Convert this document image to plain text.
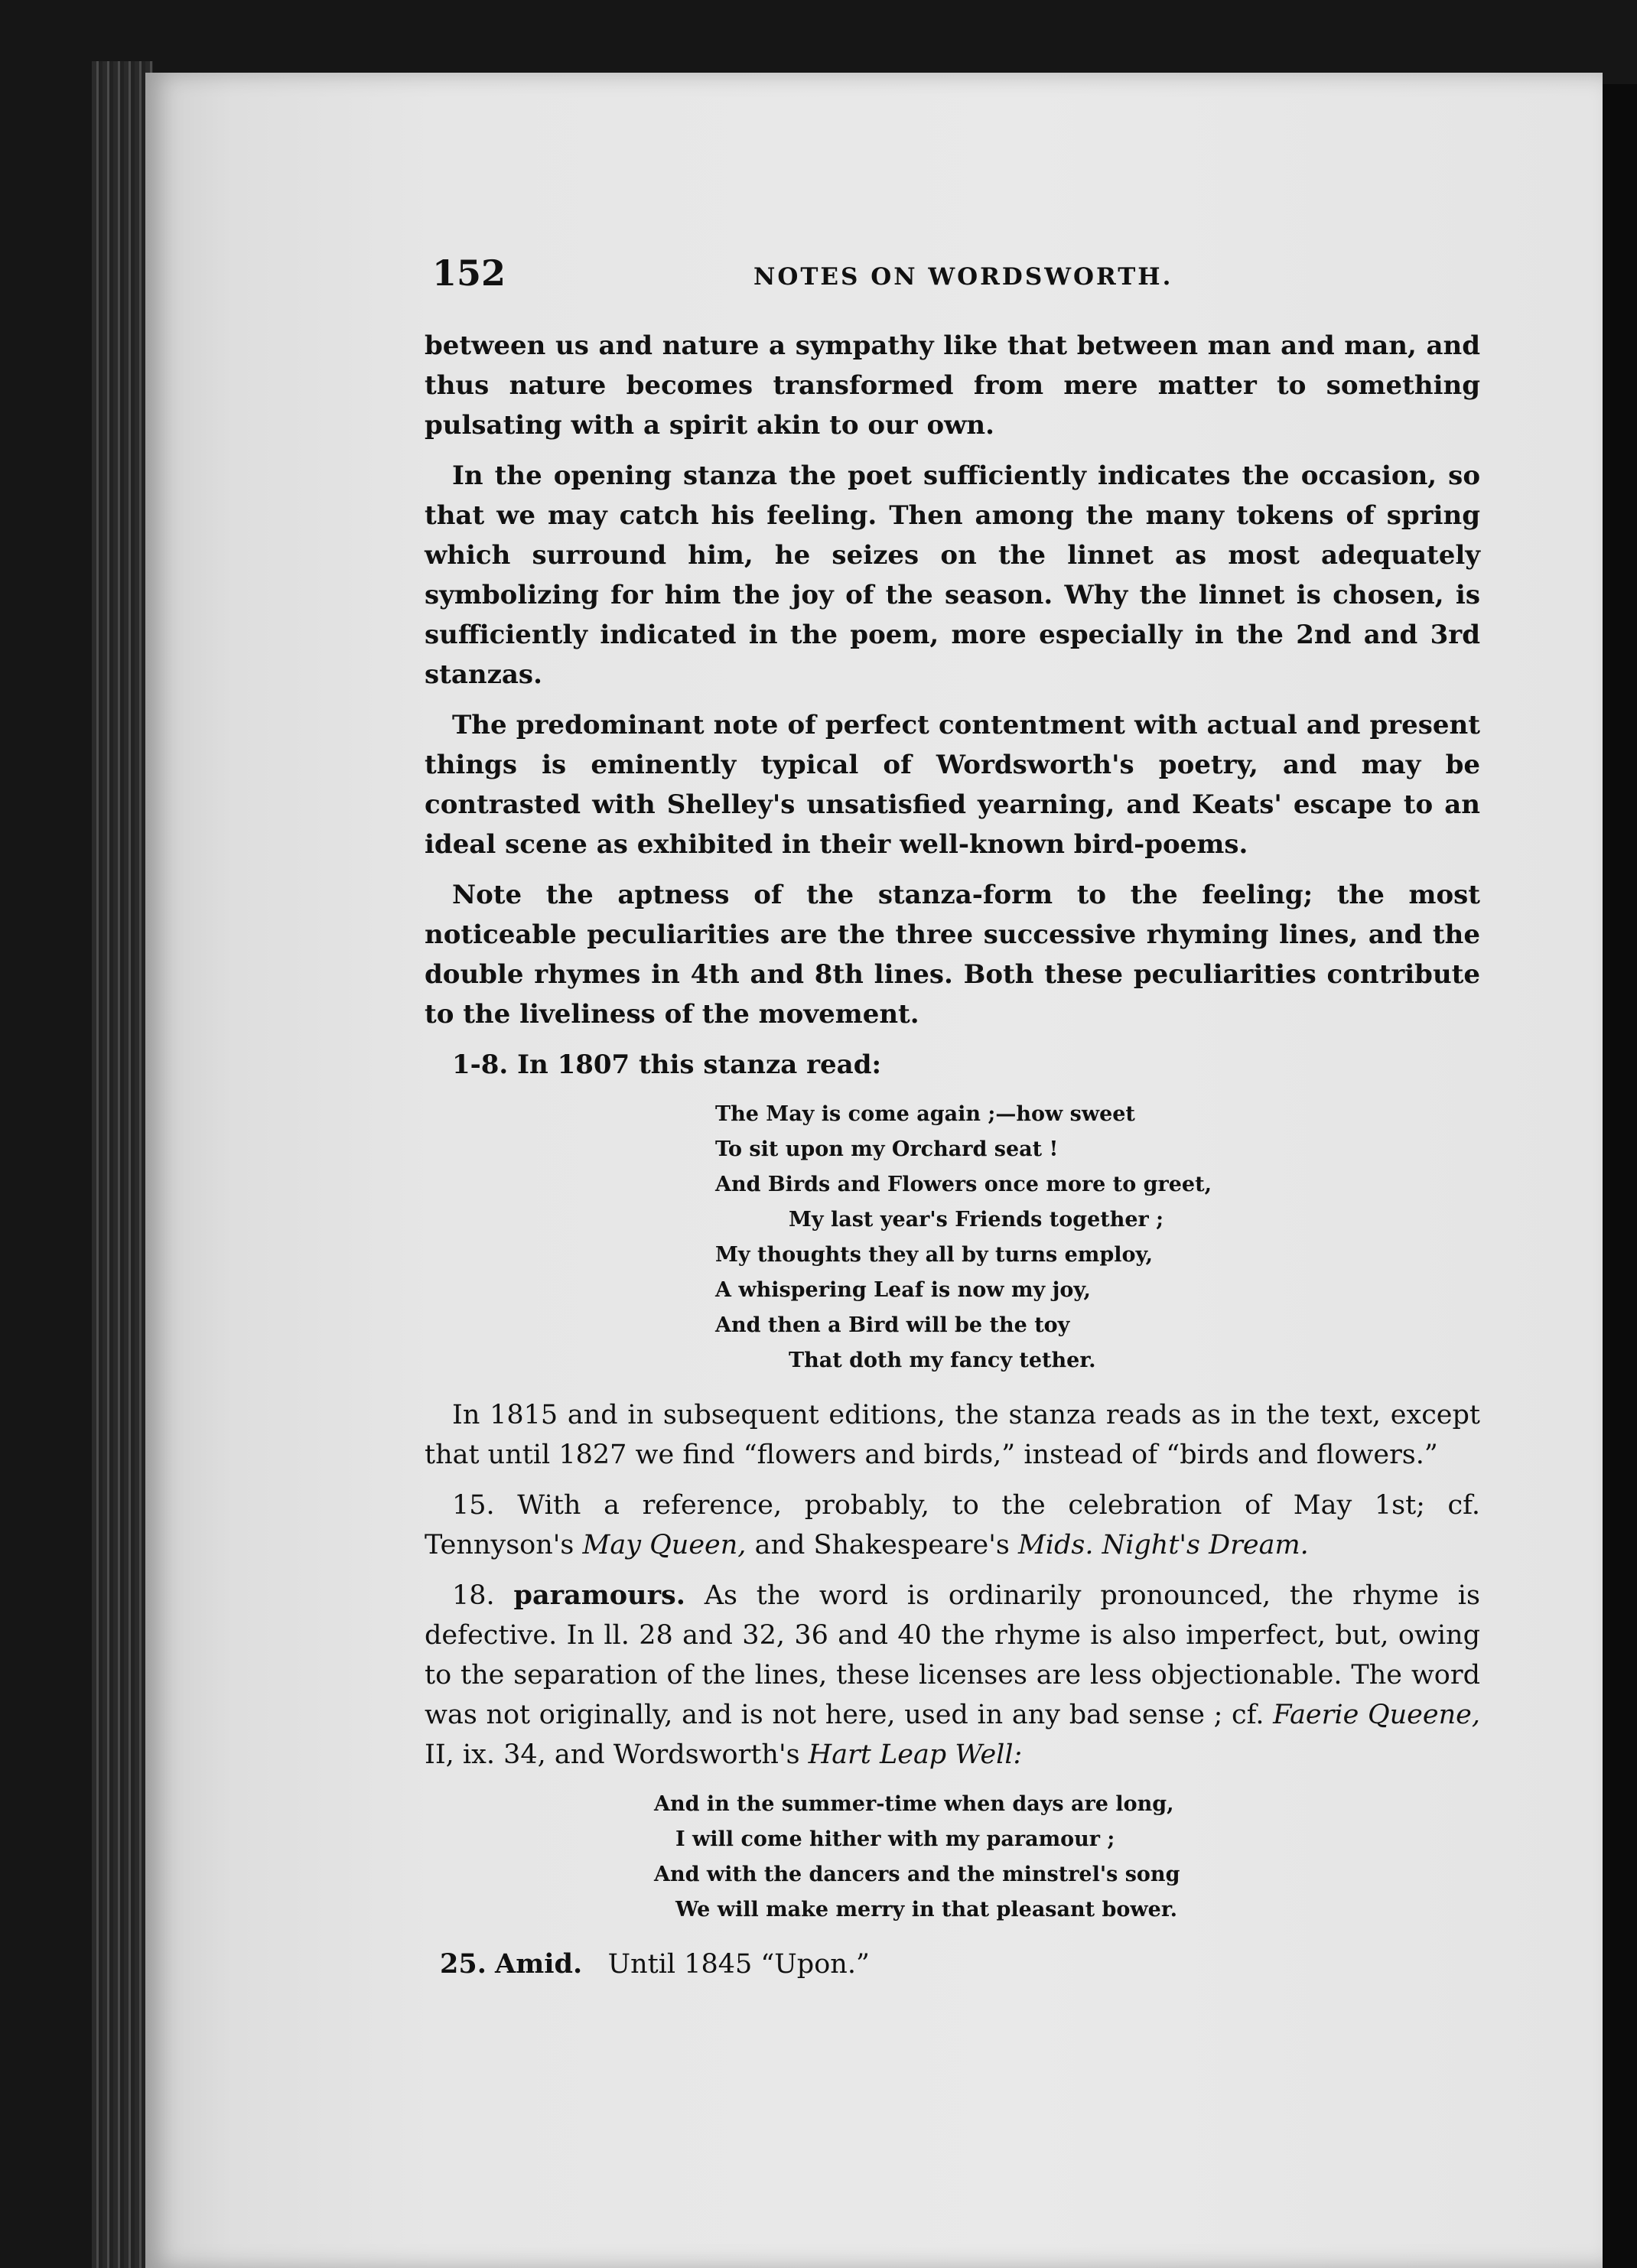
152	NOTES ON WORDSWORTH.

between us and nature a sympathy like that between man and man, and thus nature becomes transformed from mere matter to something pulsating with a spirit akin to our own.

In the opening stanza the poet sufficiently indicates the occasion, so that we may catch his feeling. Then among the many tokens of spring which surround him, he seizes on the linnet as most adequately symbolizing for him the joy of the season. Why the linnet is chosen, is sufficiently indicated in the poem, more especially in the 2nd and 3rd stanzas.

The predominant note of perfect contentment with actual and present things is eminently typical of Wordsworth's poetry, and may be contrasted with Shelley's unsatisfied yearning, and Keats' escape to an ideal scene as exhibited in their well-known bird-poems.

Note the aptness of the stanza-form to the feeling; the most noticeable peculiarities are the three successive rhyming lines, and the double rhymes in 4th and 8th lines. Both these peculiarities contribute to the liveliness of the movement.

1-8. In 1807 this stanza read:

The May is come again ;—how sweet
To sit upon my Orchard seat !
And Birds and Flowers once more to greet,
My last year's Friends together ;
My thoughts they all by turns employ,
A whispering Leaf is now my joy,
And then a Bird will be the toy
That doth my fancy tether.

In 1815 and in subsequent editions, the stanza reads as in the text, except that until 1827 we find “flowers and birds,” instead of “birds and flowers.”

15. With a reference, probably, to the celebration of May 1st; cf. Tennyson's May Queen, and Shakespeare's Mids. Night's Dream.

18. paramours. As the word is ordinarily pronounced, the rhyme is defective. In ll. 28 and 32, 36 and 40 the rhyme is also imperfect, but, owing to the separation of the lines, these licenses are less objectionable. The word was not originally, and is not here, used in any bad sense ; cf. Faerie Queene, II, ix. 34, and Wordsworth's Hart Leap Well:

And in the summer-time when days are long,
I will come hither with my paramour ;
And with the dancers and the minstrel's song
We will make merry in that pleasant bower.

25. Amid. Until 1845 “Upon.”
